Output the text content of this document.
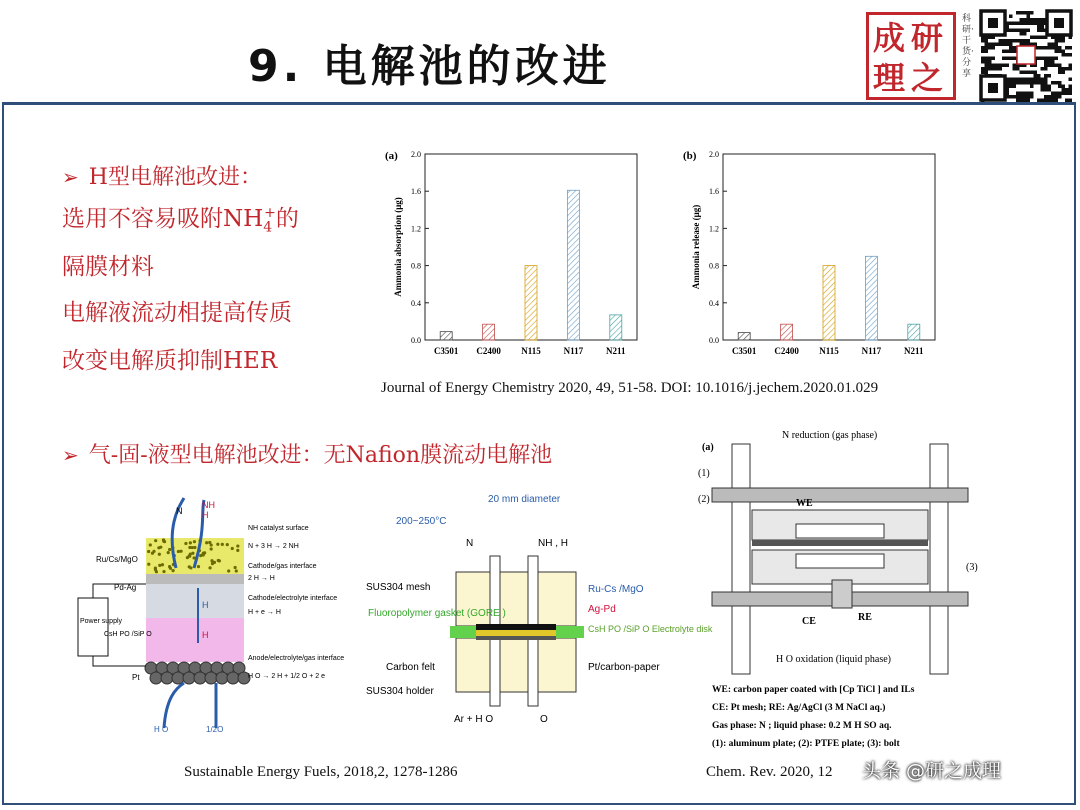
9. 电解池的改进
成 研
理 之
科研·干货·分享
➢ H型电解池改进：
选用不容易吸附$NH_4^+$的
隔膜材料
电解液流动相提高传质
改变电解质抑制HER
(a)
0.0
0.4
0.8
1.2
1.6
2.0
Ammonia absorption (μg)
C3501 C2400 N115	N117	N211
(b)
0.0
0.4
0.8
1.2
1.6
2.0
Ammonia release (μg)
C3501 C2400 N115	N117	N211
Journal of Energy Chemistry 2020, 49, 51-58. DOI: 10.1016/j.jechem.2020.01.029
➢ 气-固-液型电解池改进：无Nafion膜流动电解池
N
NH
H
NH catalyst surface
N + 3 H → 2 NH
Ru/Cs/MgO
Cathode/gas interface
2 H → H
Pd-Ag
Cathode/electrolyte interface
H + e → H
Power supply
CsH PO /SiP O
H
H
Anode/electrolyte/gas interface
H O → 2 H + 1/2 O + 2 e
Pt
H O	1/2O
200~250°C
20 mm diameter
N	NH , H
SUS304 mesh
Fluoropolymer gasket (GORE )
Carbon felt
SUS304 holder
Ru-Cs /MgO
Ag-Pd
CsH PO /SiP O Electrolyte disk
Pt/carbon-paper
Ar + H O	O
(a)
N reduction (gas phase)
WE
CE	RE
(1)
(2)
(3)
H O oxidation (liquid phase)
WE: carbon paper coated with [Cp TiCl ] and ILs
CE: Pt mesh; RE: Ag/AgCl (3 M NaCl aq.)
Gas phase: N ; liquid phase: 0.2 M H SO aq.
(1): aluminum plate; (2): PTFE plate; (3): bolt
Sustainable Energy Fuels, 2018,2, 1278-1286	Chem. Rev. 2020, 12 头条 @研之成理
